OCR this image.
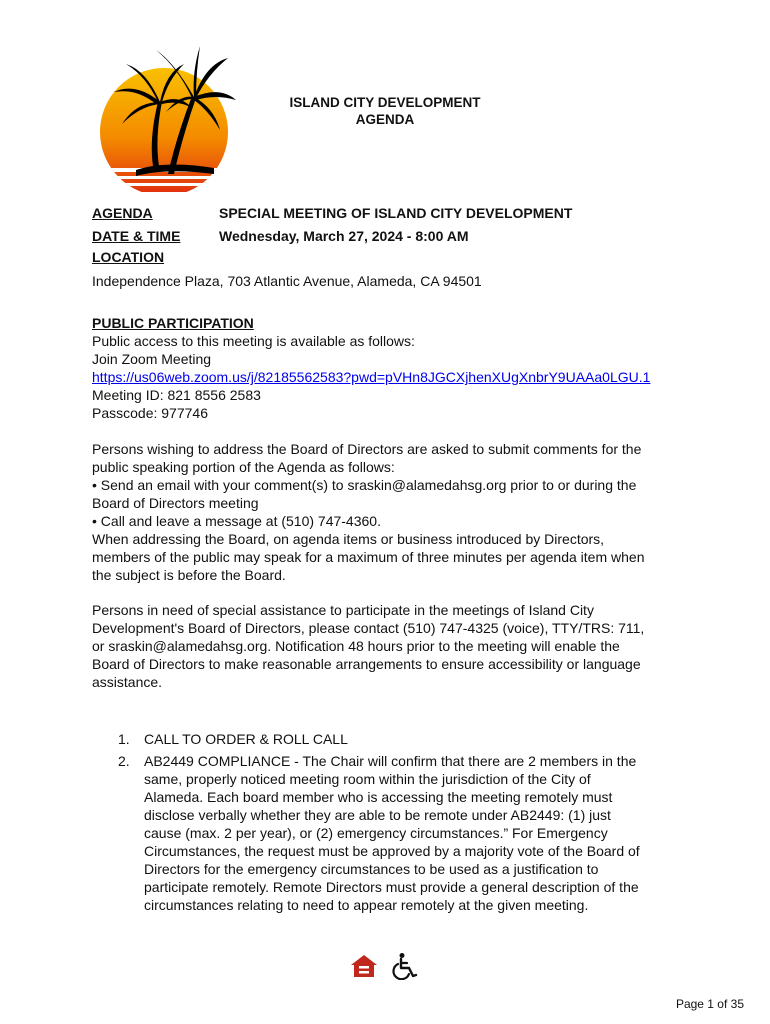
ISLAND CITY DEVELOPMENT
AGENDA
AGENDA	SPECIAL MEETING OF ISLAND CITY DEVELOPMENT
DATE & TIME	Wednesday, March 27, 2024 - 8:00 AM
LOCATION
Independence Plaza, 703 Atlantic Avenue, Alameda, CA 94501
PUBLIC PARTICIPATION
Public access to this meeting is available as follows:
Join Zoom Meeting
https://us06web.zoom.us/j/82185562583?pwd=pVHn8JGCXjhenXUgXnbrY9UAAa0LGU.1
Meeting ID: 821 8556 2583
Passcode: 977746
Persons wishing to address the Board of Directors are asked to submit comments for the
public speaking portion of the Agenda as follows:
• Send an email with your comment(s) to sraskin@alamedahsg.org prior to or during the
Board of Directors meeting
• Call and leave a message at (510) 747-4360.
When addressing the Board, on agenda items or business introduced by Directors,
members of the public may speak for a maximum of three minutes per agenda item when
the subject is before the Board.
Persons in need of special assistance to participate in the meetings of Island City
Development's Board of Directors, please contact (510) 747-4325 (voice), TTY/TRS: 711,
or sraskin@alamedahsg.org. Notification 48 hours prior to the meeting will enable the
Board of Directors to make reasonable arrangements to ensure accessibility or language
assistance.
1. CALL TO ORDER & ROLL CALL
2. AB2449 COMPLIANCE - The Chair will confirm that there are 2 members in the
same, properly noticed meeting room within the jurisdiction of the City of
Alameda. Each board member who is accessing the meeting remotely must
disclose verbally whether they are able to be remote under AB2449: (1) just
cause (max. 2 per year), or (2) emergency circumstances.” For Emergency
Circumstances, the request must be approved by a majority vote of the Board of
Directors for the emergency circumstances to be used as a justification to
participate remotely. Remote Directors must provide a general description of the
circumstances relating to need to appear remotely at the given meeting.
Page 1 of 35
